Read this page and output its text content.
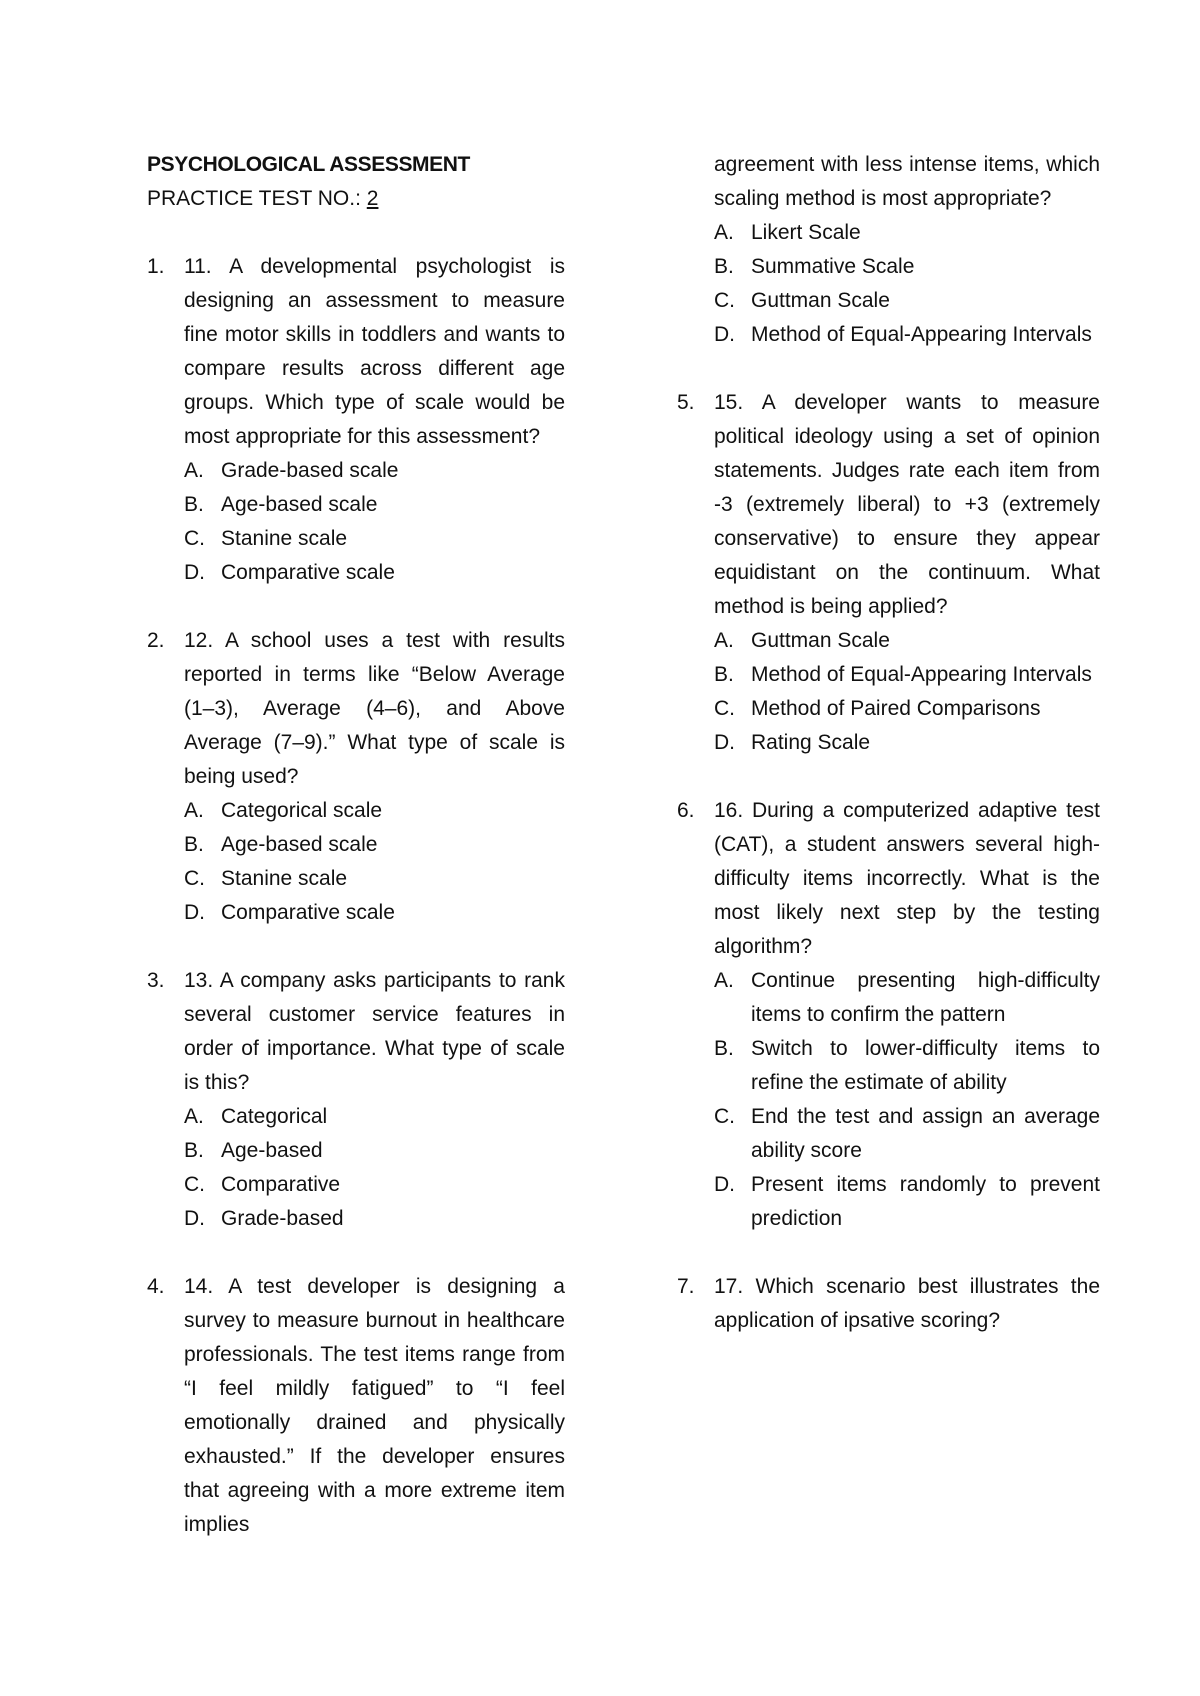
PSYCHOLOGICAL ASSESSMENT
PRACTICE TEST NO.: 2
1. 11. A developmental psychologist is designing an assessment to measure fine motor skills in toddlers and wants to compare results across different age groups. Which type of scale would be most appropriate for this assessment?
A. Grade-based scale
B. Age-based scale
C. Stanine scale
D. Comparative scale
2. 12. A school uses a test with results reported in terms like “Below Average (1–3), Average (4–6), and Above Average (7–9).” What type of scale is being used?
A. Categorical scale
B. Age-based scale
C. Stanine scale
D. Comparative scale
3. 13. A company asks participants to rank several customer service features in order of importance. What type of scale is this?
A. Categorical
B. Age-based
C. Comparative
D. Grade-based
4. 14. A test developer is designing a survey to measure burnout in healthcare professionals. The test items range from “I feel mildly fatigued” to “I feel emotionally drained and physically exhausted.” If the developer ensures that agreeing with a more extreme item implies
agreement with less intense items, which scaling method is most appropriate?
A. Likert Scale
B. Summative Scale
C. Guttman Scale
D. Method of Equal-Appearing Intervals
5. 15. A developer wants to measure political ideology using a set of opinion statements. Judges rate each item from -3 (extremely liberal) to +3 (extremely conservative) to ensure they appear equidistant on the continuum. What method is being applied?
A. Guttman Scale
B. Method of Equal-Appearing Intervals
C. Method of Paired Comparisons
D. Rating Scale
6. 16. During a computerized adaptive test (CAT), a student answers several high-difficulty items incorrectly. What is the most likely next step by the testing algorithm?
A. Continue presenting high-difficulty items to confirm the pattern
B. Switch to lower-difficulty items to refine the estimate of ability
C. End the test and assign an average ability score
D. Present items randomly to prevent prediction
7. 17. Which scenario best illustrates the application of ipsative scoring?
